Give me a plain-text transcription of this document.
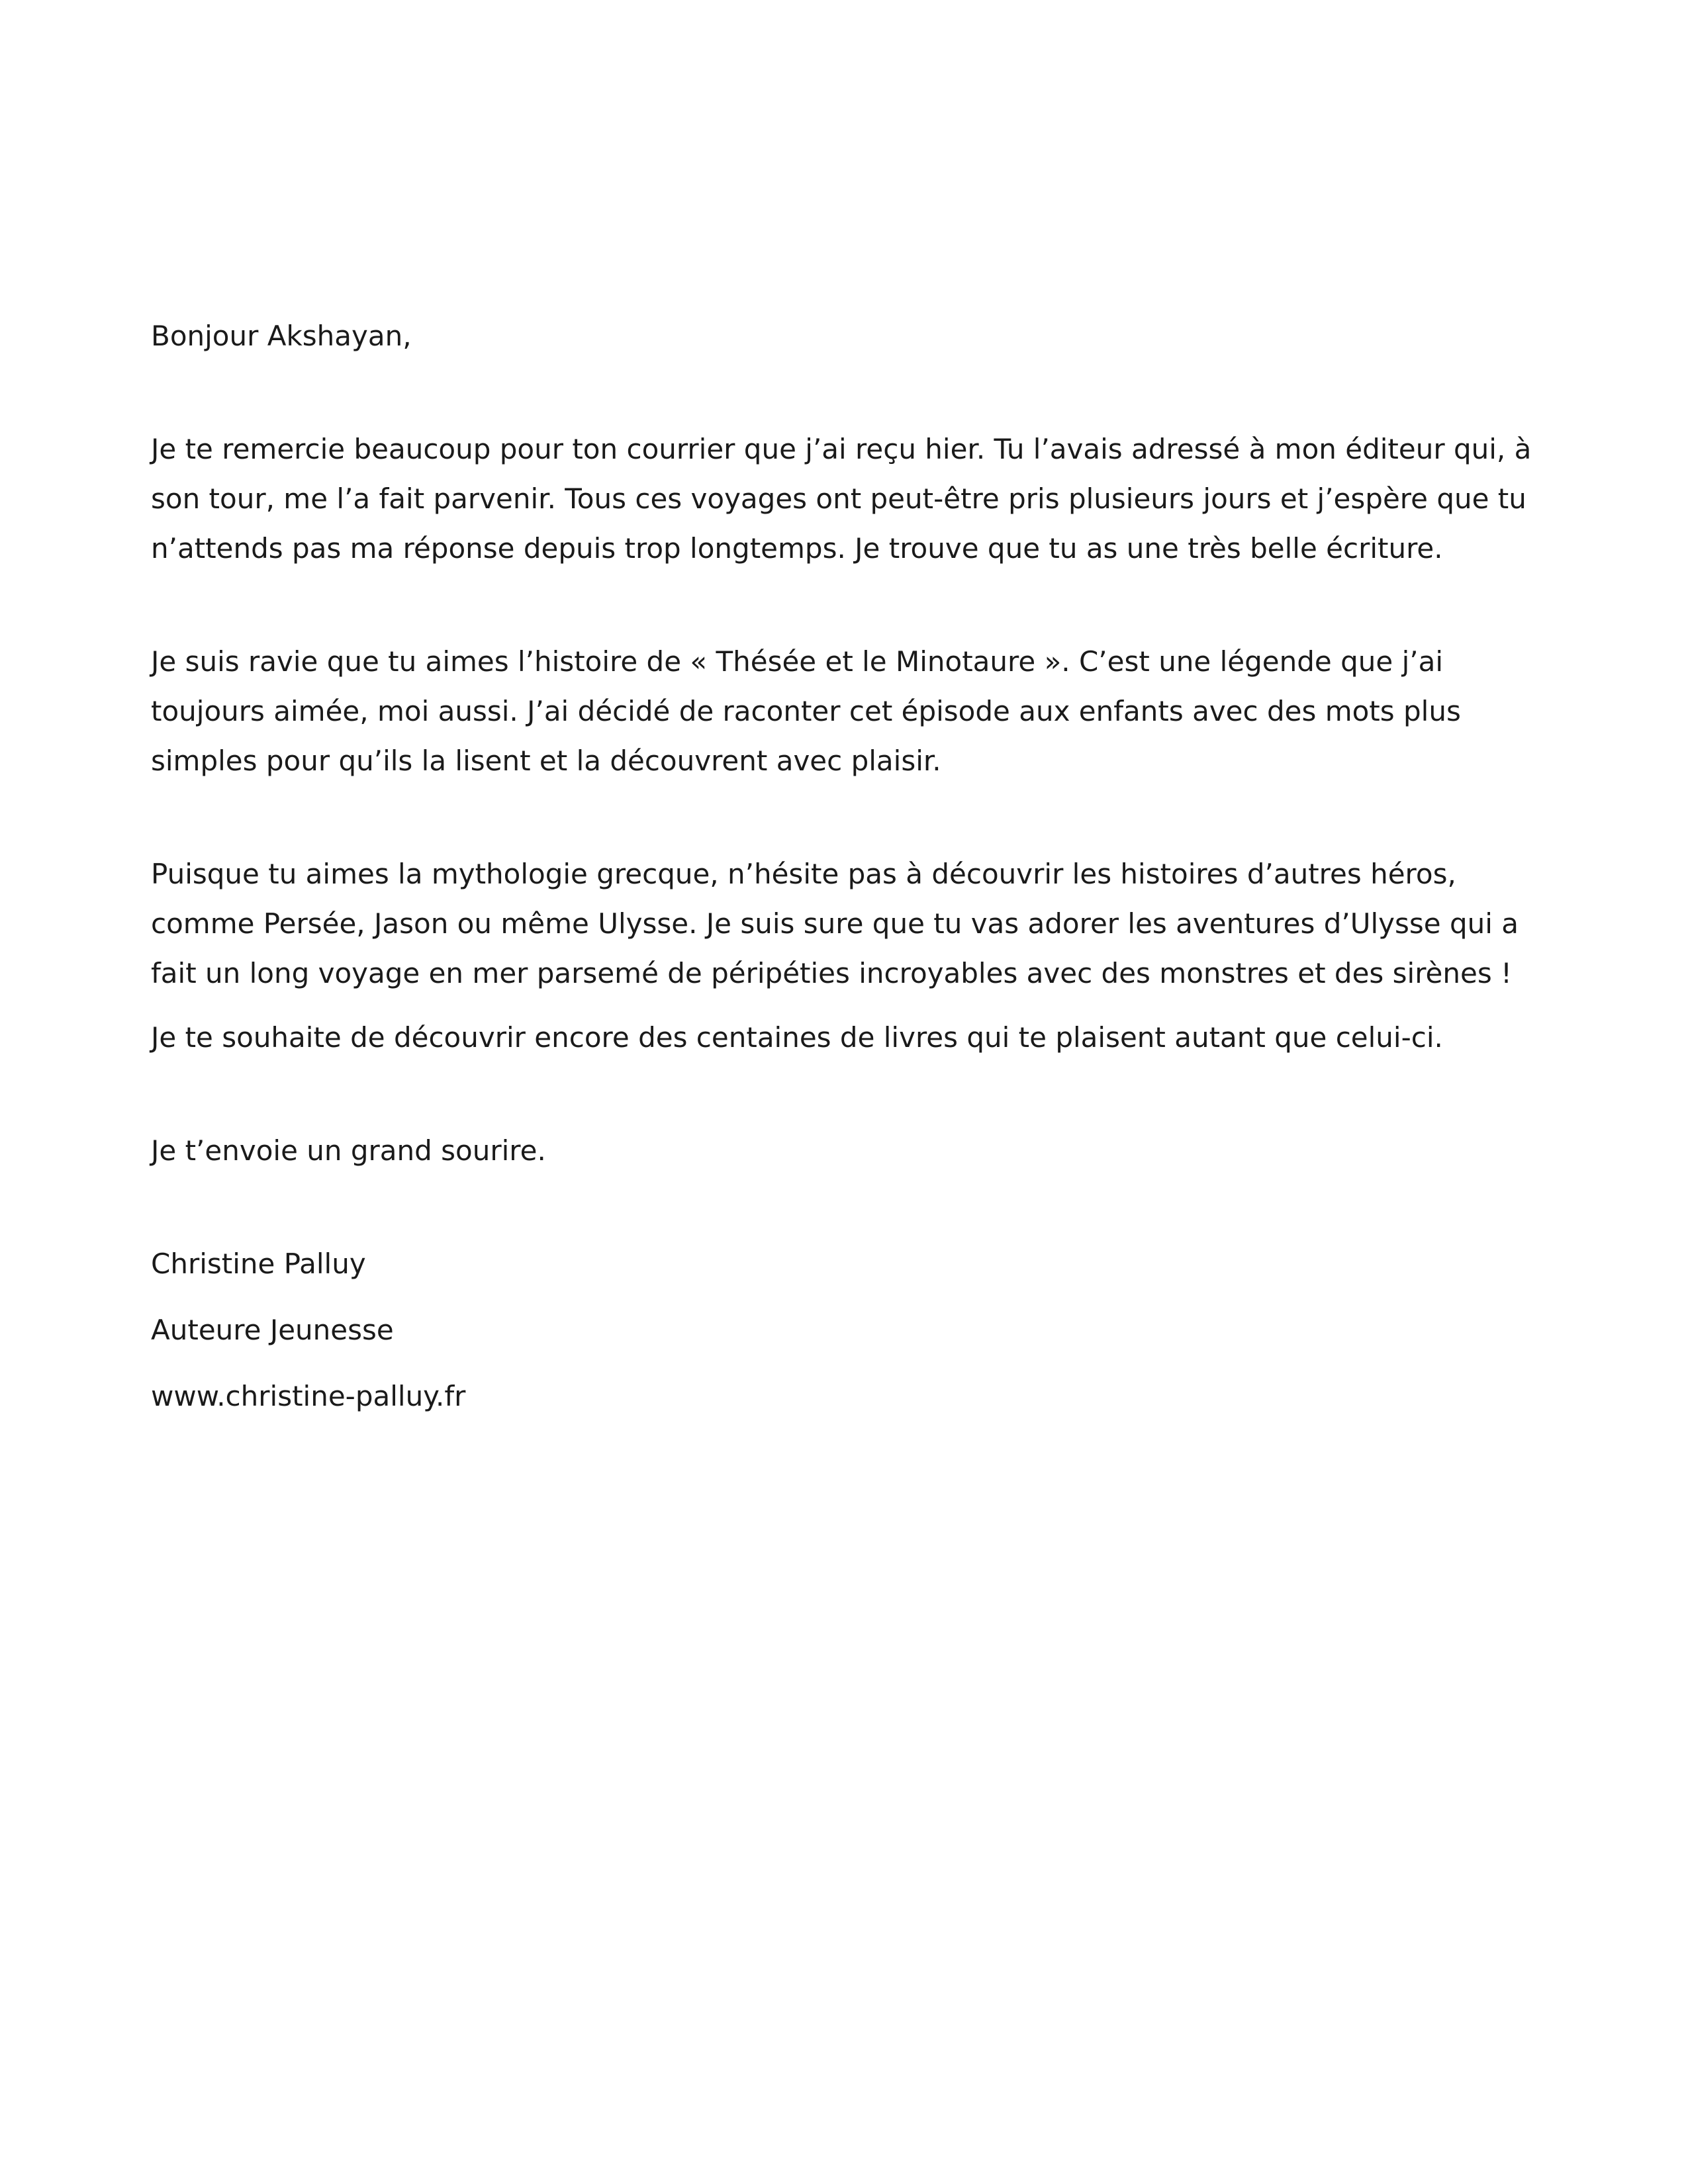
Bonjour Akshayan,

Je te remercie beaucoup pour ton courrier que j’ai reçu hier. Tu l’avais adressé à mon éditeur qui, à son tour, me l’a fait parvenir. Tous ces voyages ont peut-être pris plusieurs jours et j’espère que tu n’attends pas ma réponse depuis trop longtemps. Je trouve que tu as une très belle écriture.

Je suis ravie que tu aimes l’histoire de « Thésée et le Minotaure ». C’est une légende que j’ai toujours aimée, moi aussi. J’ai décidé de raconter cet épisode aux enfants avec des mots plus simples pour qu’ils la lisent et la découvrent avec plaisir.

Puisque tu aimes la mythologie grecque, n’hésite pas à découvrir les histoires d’autres héros, comme Persée, Jason ou même Ulysse. Je suis sure que tu vas adorer les aventures d’Ulysse qui a fait un long voyage en mer parsemé de péripéties incroyables avec des monstres et des sirènes !

Je te souhaite de découvrir encore des centaines de livres qui te plaisent autant que celui-ci.

Je t’envoie un grand sourire.

Christine Palluy

Auteure Jeunesse

www.christine-palluy.fr
